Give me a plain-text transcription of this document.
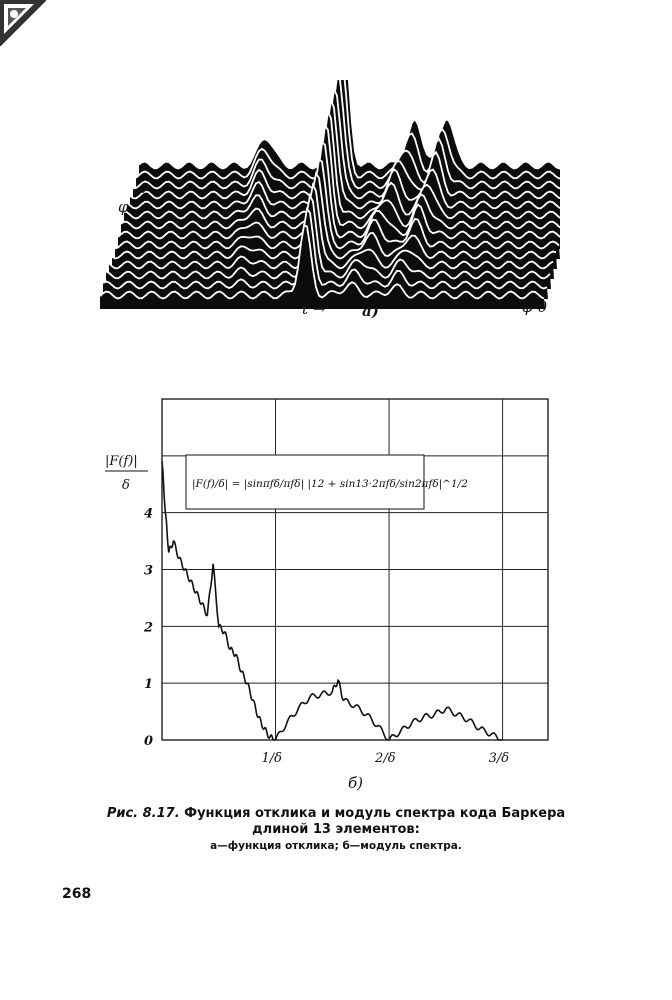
φ
↗
t → a)	φ-0
0
1
2
3
4
1/δ	2/δ	3/δ
|F(f)/δ| = |sinπfδ/πfδ| |12 + sin13·2πfδ/sin2πfδ|^1/2
|F(f)|
δ
б)
Рис. 8.17. Функция отклика и модуль спектра кода Баркера
длиной 13 элементов:
а—функция отклика; б—модуль спектра.
268
